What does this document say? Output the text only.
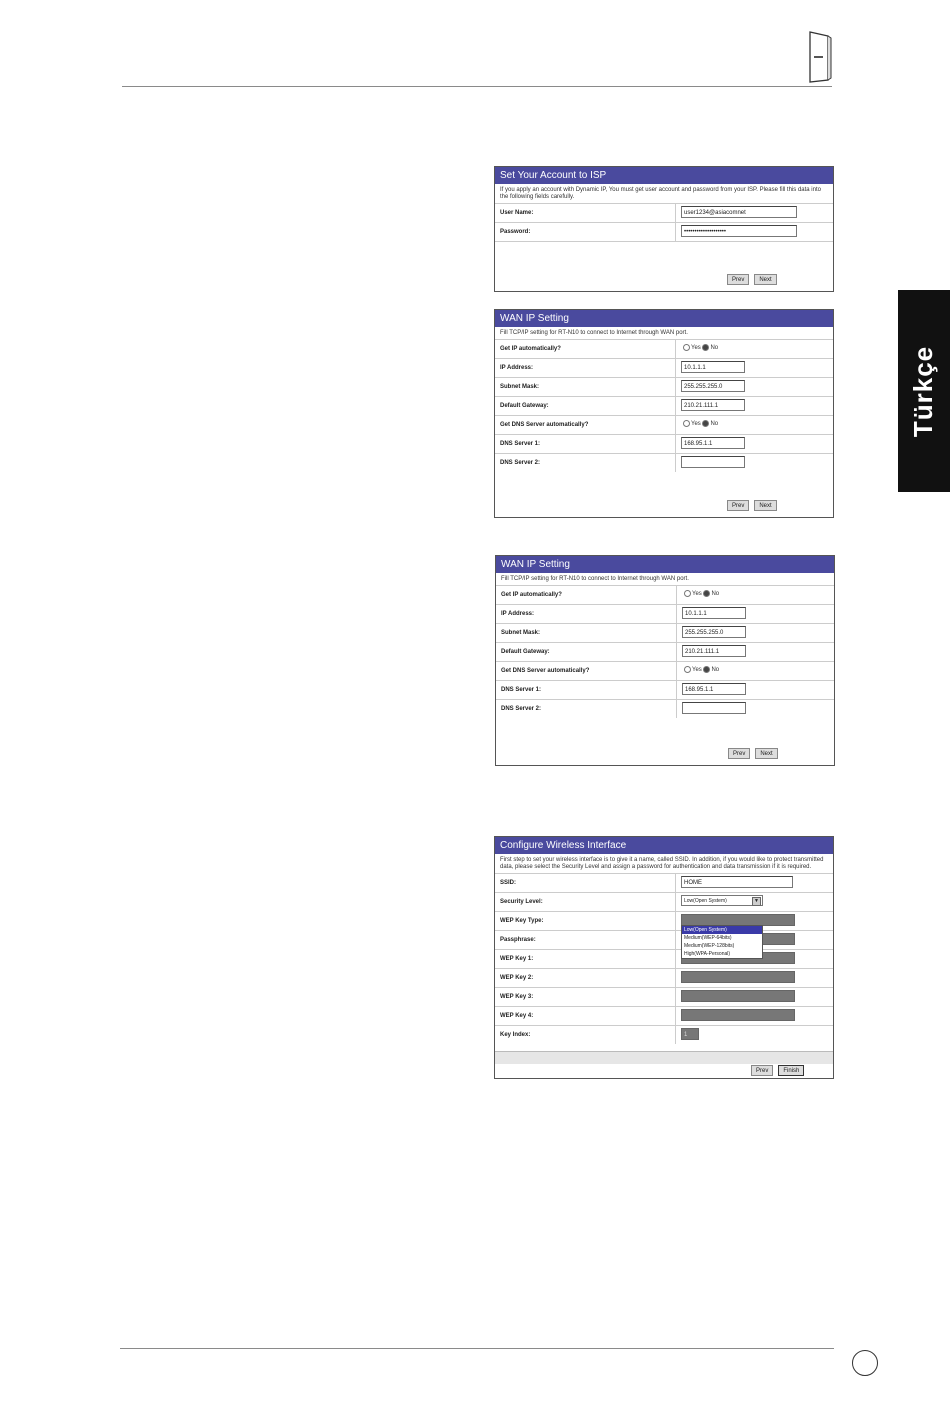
Türkçe
Set Your Account to ISP
If you apply an account with Dynamic IP, You must get user account and password from your ISP. Please fill this data into the following fields carefully.
User Name:	user1234@asiacomnet
Password:	••••••••••••••••••••
Prev	Next
WAN IP Setting
Fill TCP/IP setting for RT-N10 to connect to Internet through WAN port.
Get IP automatically?	Yes No
IP Address:	10.1.1.1
Subnet Mask:	255.255.255.0
Default Gateway:	210.21.111.1
Get DNS Server automatically?	Yes No
DNS Server 1:	168.95.1.1
DNS Server 2:
Prev	Next
WAN IP Setting
Fill TCP/IP setting for RT-N10 to connect to Internet through WAN port.
Get IP automatically?	Yes No
IP Address:	10.1.1.1
Subnet Mask:	255.255.255.0
Default Gateway:	210.21.111.1
Get DNS Server automatically?	Yes No
DNS Server 1:	168.95.1.1
DNS Server 2:
Prev	Next
Configure Wireless Interface
First step to set your wireless interface is to give it a name, called SSID. In addition, if you would like to protect transmitted data, please select the Security Level and assign a password for authentication and data transmission if it is required.
SSID:	HOME
Security Level:	Low(Open System)	▼
WEP Key Type:
Passphrase:
WEP Key 1:
WEP Key 2:
WEP Key 3:
WEP Key 4:
Key Index:	1
Prev	Finish
Low(Open System)
Medium(WEP-64bits)
Medium(WEP-128bits)
High(WPA-Personal)
